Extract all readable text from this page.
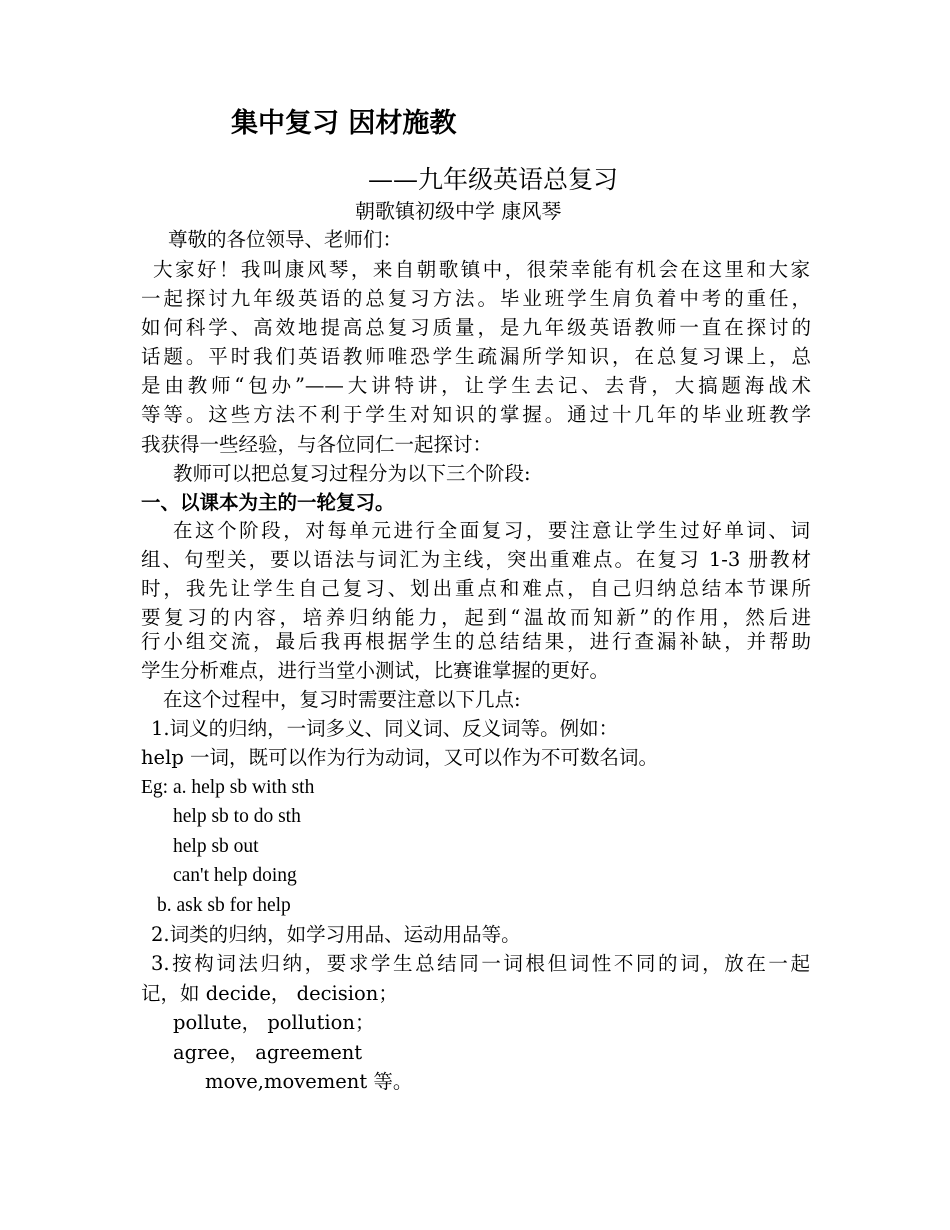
集中复习 因材施教
——九年级英语总复习
朝歌镇初级中学 康风琴
尊敬的各位领导、老师们：
大家好！我叫康风琴，来自朝歌镇中，很荣幸能有机会在这里和大家
一起探讨九年级英语的总复习方法。毕业班学生肩负着中考的重任，
如何科学、高效地提高总复习质量，是九年级英语教师一直在探讨的
话题。平时我们英语教师唯恐学生疏漏所学知识，在总复习课上，总
是由教师“包办”——大讲特讲，让学生去记、去背，大搞题海战术
等等。这些方法不利于学生对知识的掌握。通过十几年的毕业班教学
我获得一些经验，与各位同仁一起探讨：
教师可以把总复习过程分为以下三个阶段:
一、以课本为主的一轮复习。
在这个阶段，对每单元进行全面复习，要注意让学生过好单词、词
组、句型关，要以语法与词汇为主线，突出重难点。在复习 1-3 册教材
时，我先让学生自己复习、划出重点和难点，自己归纳总结本节课所
要复习的内容，培养归纳能力，起到“温故而知新”的作用，然后进
行小组交流，最后我再根据学生的总结结果，进行查漏补缺，并帮助
学生分析难点，进行当堂小测试，比赛谁掌握的更好。
在这个过程中，复习时需要注意以下几点:
1.词义的归纳，一词多义、同义词、反义词等。例如：
help 一词，既可以作为行为动词，又可以作为不可数名词。
Eg: a. help sb with sth
help sb to do sth
help sb out
can't help doing
b. ask sb for help
2.词类的归纳，如学习用品、运动用品等。
3.按构词法归纳，要求学生总结同一词根但词性不同的词，放在一起
记，如 decide， decision；
pollute， pollution；
agree， agreement
move,movement 等。
